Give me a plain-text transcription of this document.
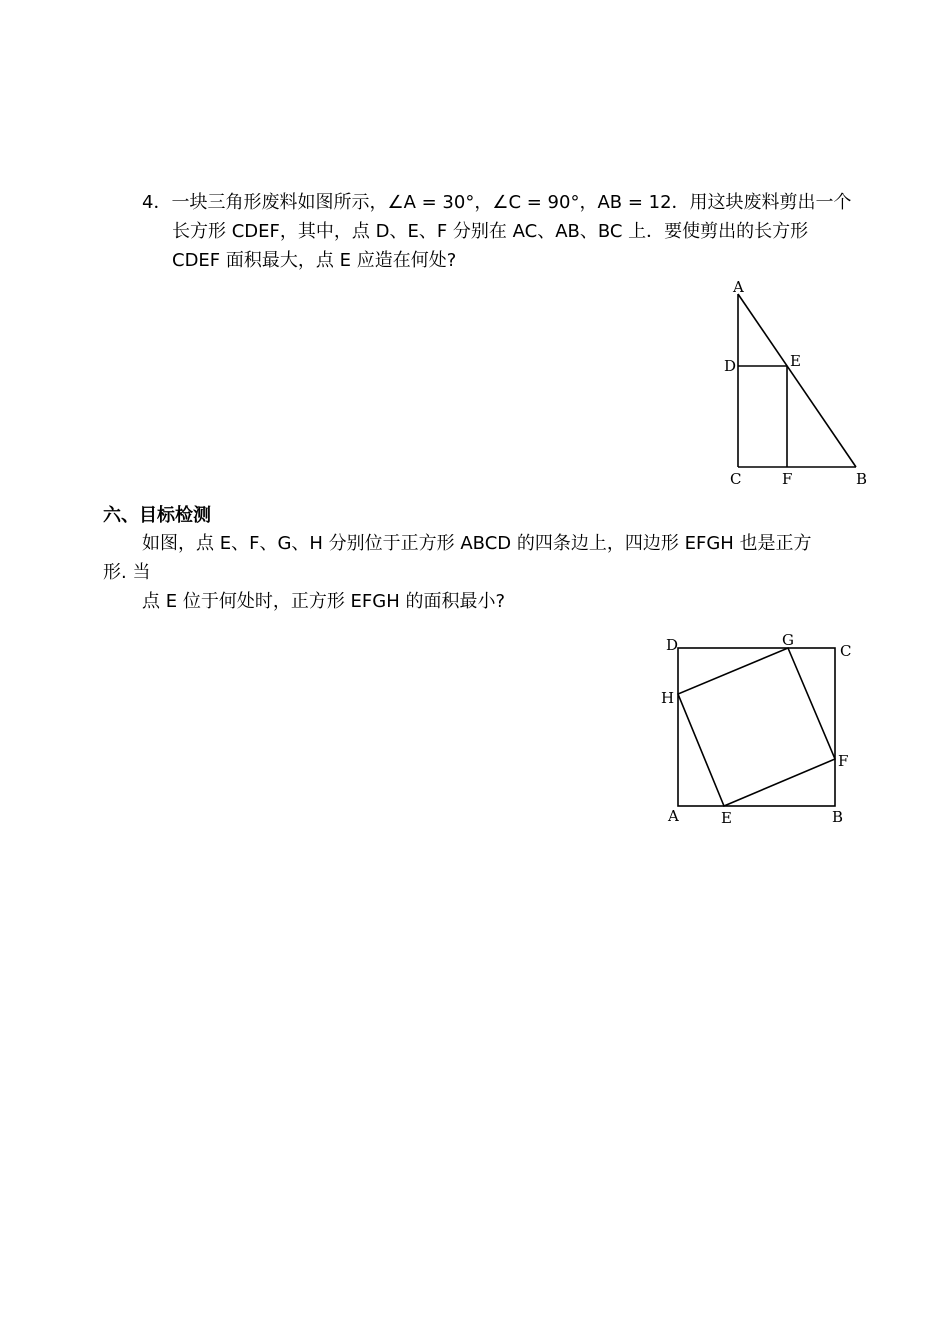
4．一块三角形废料如图所示，∠A = 30°，∠C = 90°，AB = 12．用这块废料剪出一个
长方形 CDEF，其中，点 D、E、F 分别在 AC、AB、BC 上．要使剪出的长方形
CDEF 面积最大，点 E 应造在何处?
A
D	E
C	F	B
六、目标检测
如图，点 E、F、G、H 分别位于正方形 ABCD 的四条边上，四边形 EFGH 也是正方
形. 当
点 E 位于何处时，正方形 EFGH 的面积最小?
D	G
C
H
F
A	E	B
